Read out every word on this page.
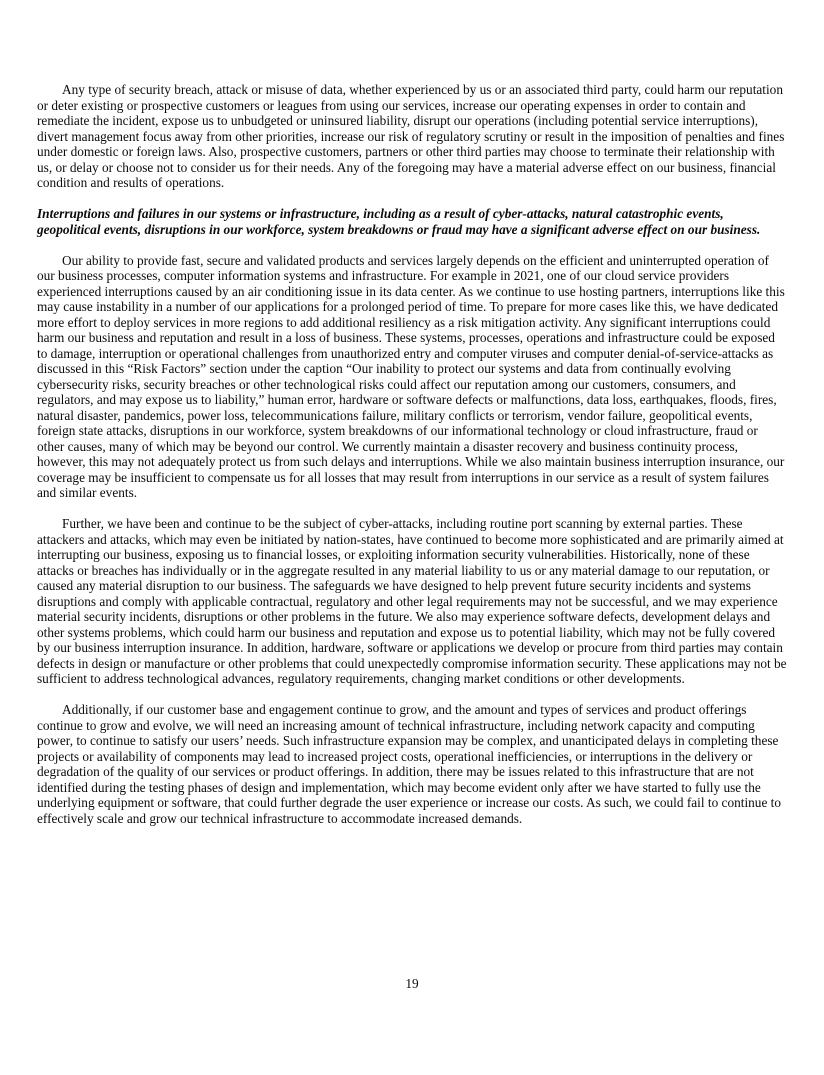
Any type of security breach, attack or misuse of data, whether experienced by us or an associated third party, could harm our reputation or deter existing or prospective customers or leagues from using our services, increase our operating expenses in order to contain and remediate the incident, expose us to unbudgeted or uninsured liability, disrupt our operations (including potential service interruptions), divert management focus away from other priorities, increase our risk of regulatory scrutiny or result in the imposition of penalties and fines under domestic or foreign laws. Also, prospective customers, partners or other third parties may choose to terminate their relationship with us, or delay or choose not to consider us for their needs. Any of the foregoing may have a material adverse effect on our business, financial condition and results of operations.

Interruptions and failures in our systems or infrastructure, including as a result of cyber-attacks, natural catastrophic events, geopolitical events, disruptions in our workforce, system breakdowns or fraud may have a significant adverse effect on our business.

Our ability to provide fast, secure and validated products and services largely depends on the efficient and uninterrupted operation of our business processes, computer information systems and infrastructure. For example in 2021, one of our cloud service providers experienced interruptions caused by an air conditioning issue in its data center. As we continue to use hosting partners, interruptions like this may cause instability in a number of our applications for a prolonged period of time. To prepare for more cases like this, we have dedicated more effort to deploy services in more regions to add additional resiliency as a risk mitigation activity. Any significant interruptions could harm our business and reputation and result in a loss of business. These systems, processes, operations and infrastructure could be exposed to damage, interruption or operational challenges from unauthorized entry and computer viruses and computer denial-of-service-attacks as discussed in this “Risk Factors” section under the caption “Our inability to protect our systems and data from continually evolving cybersecurity risks, security breaches or other technological risks could affect our reputation among our customers, consumers, and regulators, and may expose us to liability,” human error, hardware or software defects or malfunctions, data loss, earthquakes, floods, fires, natural disaster, pandemics, power loss, telecommunications failure, military conflicts or terrorism, vendor failure, geopolitical events, foreign state attacks, disruptions in our workforce, system breakdowns of our informational technology or cloud infrastructure, fraud or other causes, many of which may be beyond our control. We currently maintain a disaster recovery and business continuity process, however, this may not adequately protect us from such delays and interruptions. While we also maintain business interruption insurance, our coverage may be insufficient to compensate us for all losses that may result from interruptions in our service as a result of system failures and similar events.

Further, we have been and continue to be the subject of cyber-attacks, including routine port scanning by external parties. These attackers and attacks, which may even be initiated by nation-states, have continued to become more sophisticated and are primarily aimed at interrupting our business, exposing us to financial losses, or exploiting information security vulnerabilities. Historically, none of these attacks or breaches has individually or in the aggregate resulted in any material liability to us or any material damage to our reputation, or caused any material disruption to our business. The safeguards we have designed to help prevent future security incidents and systems disruptions and comply with applicable contractual, regulatory and other legal requirements may not be successful, and we may experience material security incidents, disruptions or other problems in the future. We also may experience software defects, development delays and other systems problems, which could harm our business and reputation and expose us to potential liability, which may not be fully covered by our business interruption insurance. In addition, hardware, software or applications we develop or procure from third parties may contain defects in design or manufacture or other problems that could unexpectedly compromise information security. These applications may not be sufficient to address technological advances, regulatory requirements, changing market conditions or other developments.

Additionally, if our customer base and engagement continue to grow, and the amount and types of services and product offerings continue to grow and evolve, we will need an increasing amount of technical infrastructure, including network capacity and computing power, to continue to satisfy our users’ needs. Such infrastructure expansion may be complex, and unanticipated delays in completing these projects or availability of components may lead to increased project costs, operational inefficiencies, or interruptions in the delivery or degradation of the quality of our services or product offerings. In addition, there may be issues related to this infrastructure that are not identified during the testing phases of design and implementation, which may become evident only after we have started to fully use the underlying equipment or software, that could further degrade the user experience or increase our costs. As such, we could fail to continue to effectively scale and grow our technical infrastructure to accommodate increased demands.

19
